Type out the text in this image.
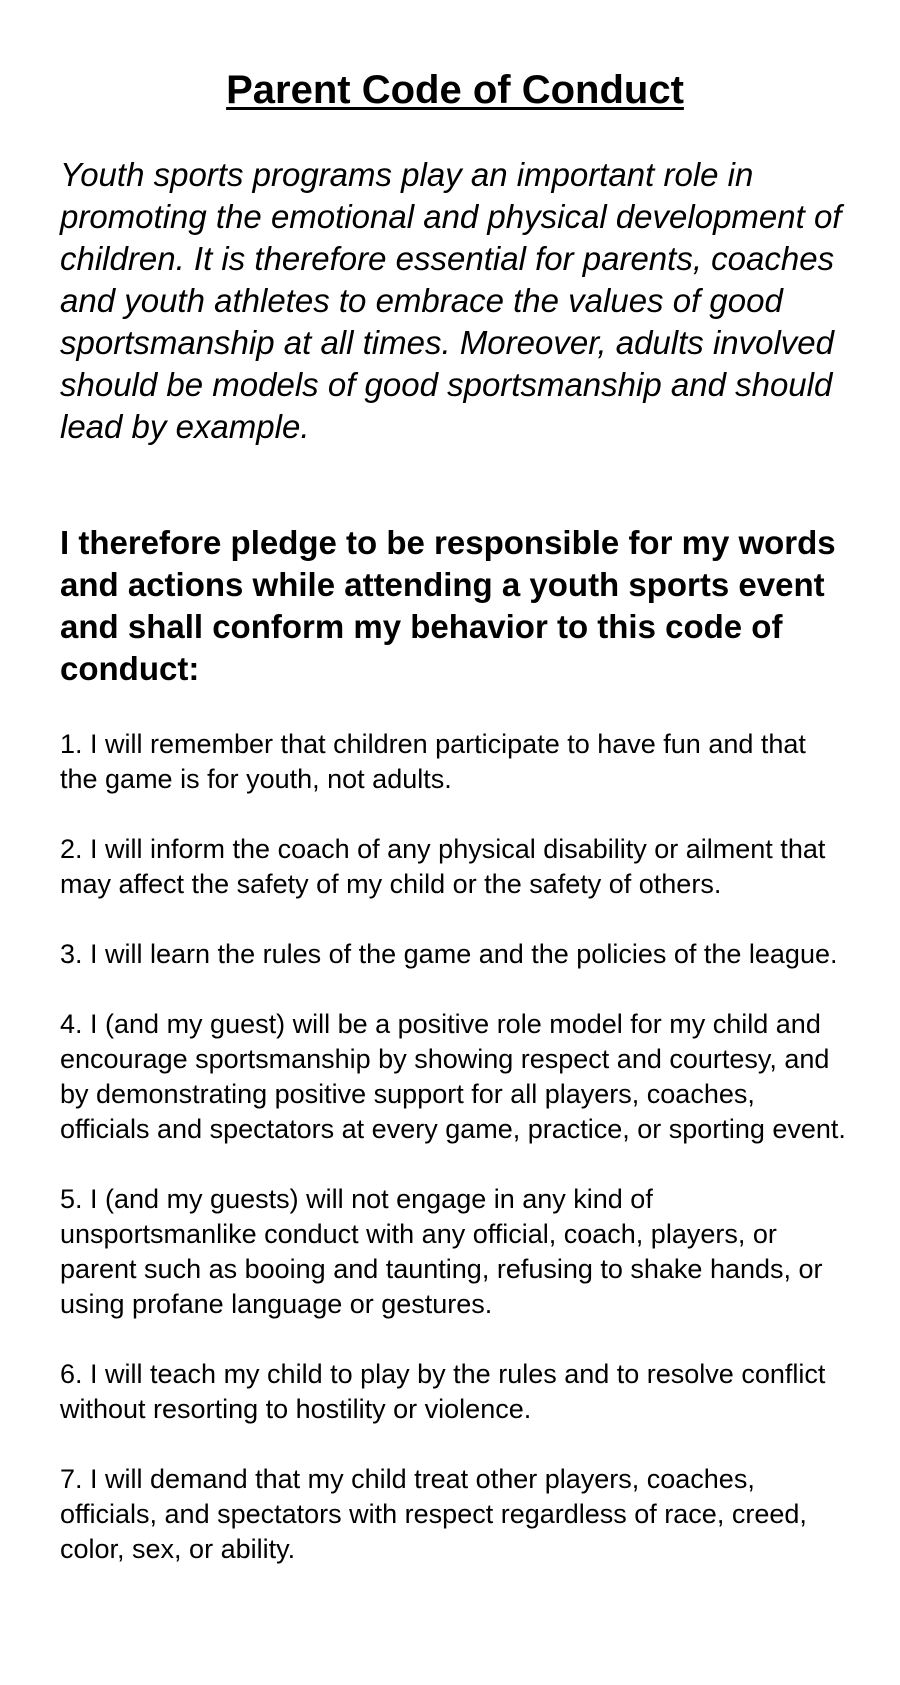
Parent Code of Conduct

Youth sports programs play an important role in promoting the emotional and physical development of children. It is therefore essential for parents, coaches and youth athletes to embrace the values of good sportsmanship at all times. Moreover, adults involved should be models of good sportsmanship and should lead by example.

I therefore pledge to be responsible for my words and actions while attending a youth sports event and shall conform my behavior to this code of conduct:

1. I will remember that children participate to have fun and that the game is for youth, not adults.
2. I will inform the coach of any physical disability or ailment that may affect the safety of my child or the safety of others.
3. I will learn the rules of the game and the policies of the league.
4. I (and my guest) will be a positive role model for my child and encourage sportsmanship by showing respect and courtesy, and by demonstrating positive support for all players, coaches, officials and spectators at every game, practice, or sporting event.
5. I (and my guests) will not engage in any kind of unsportsmanlike conduct with any official, coach, players, or parent such as booing and taunting, refusing to shake hands, or using profane language or gestures.
6. I will teach my child to play by the rules and to resolve conflict without resorting to hostility or violence.
7. I will demand that my child treat other players, coaches, officials, and spectators with respect regardless of race, creed, color, sex, or ability.
